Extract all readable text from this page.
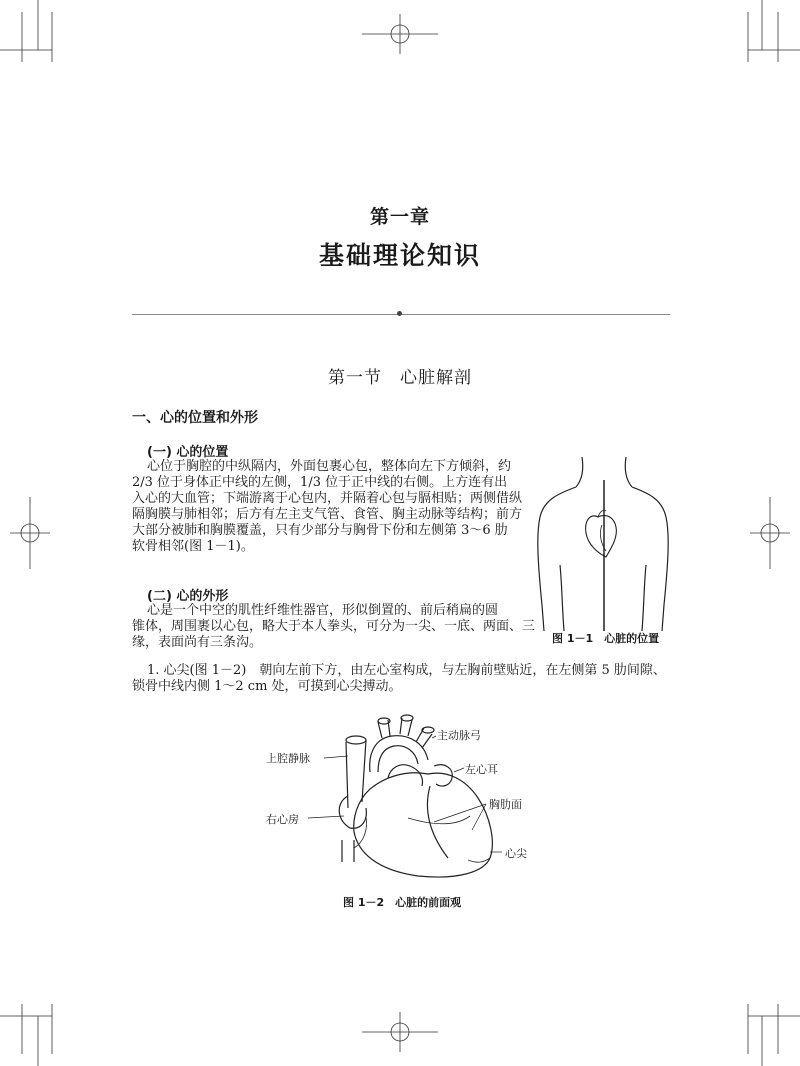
第一章
基础理论知识
第一节　心脏解剖
一、心的位置和外形
(一) 心的位置
心位于胸腔的中纵隔内，外面包裹心包，整体向左下方倾斜，约
2/3 位于身体正中线的左侧，1/3 位于正中线的右侧。上方连有出
入心的大血管；下端游离于心包内，并隔着心包与膈相贴；两侧借纵
隔胸膜与肺相邻；后方有左主支气管、食管、胸主动脉等结构；前方
大部分被肺和胸膜覆盖，只有少部分与胸骨下份和左侧第 3～6 肋
软骨相邻(图 1－1)。
(二) 心的外形
心是一个中空的肌性纤维性器官，形似倒置的、前后稍扁的圆
锥体，周围裹以心包，略大于本人拳头，可分为一尖、一底、两面、三
缘，表面尚有三条沟。
1. 心尖(图 1－2)　朝向左前下方，由左心室构成，与左胸前壁贴近，在左侧第 5 肋间隙、
锁骨中线内侧 1～2 cm 处，可摸到心尖搏动。
图 1－1　心脏的位置
主动脉弓
上腔静脉
左心耳
胸肋面
右心房
心尖
图 1－2　心脏的前面观
